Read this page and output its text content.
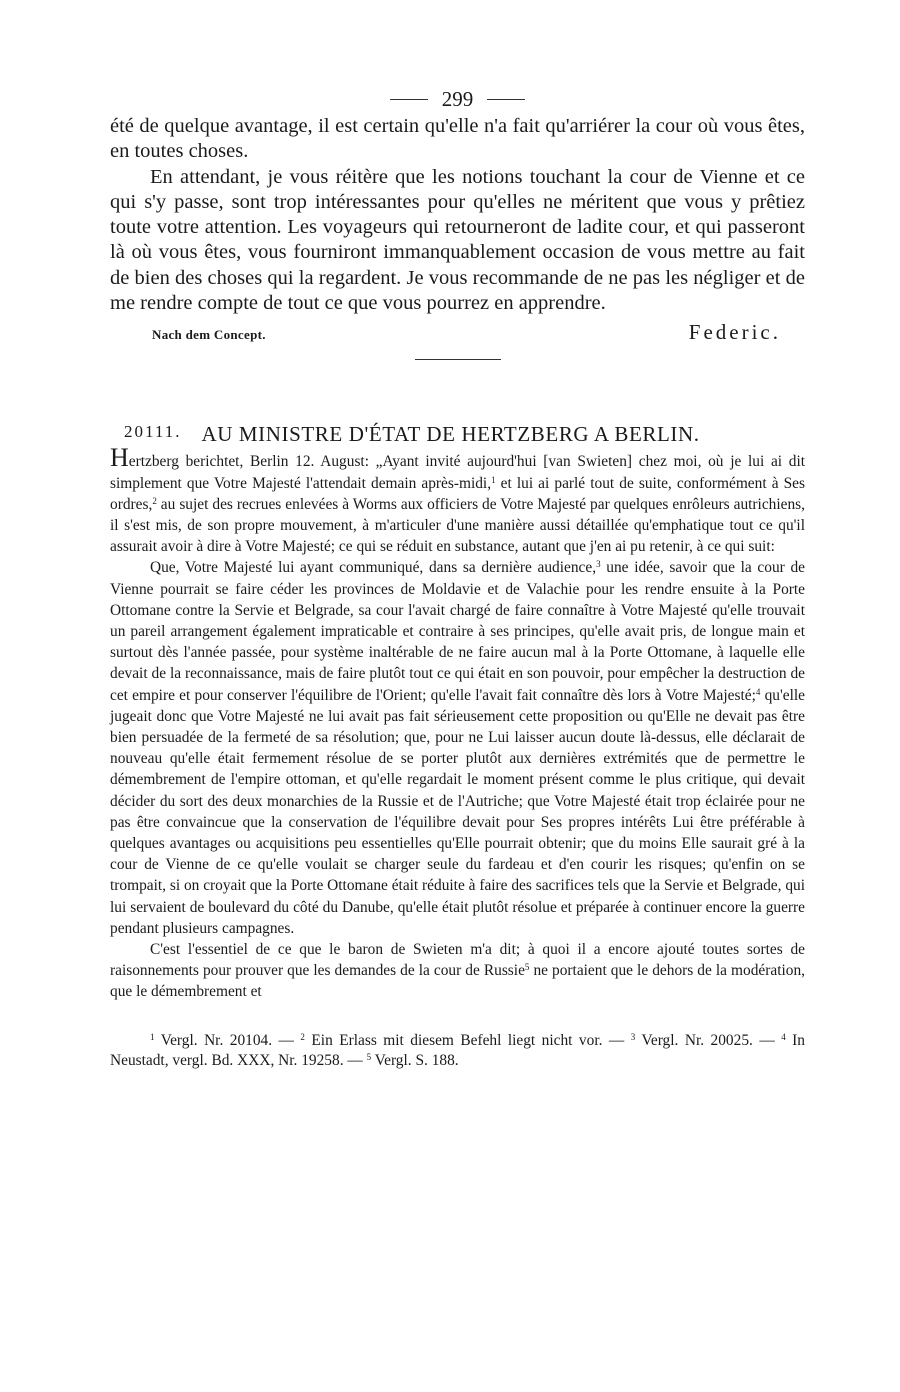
299

été de quelque avantage, il est certain qu'elle n'a fait qu'arriérer la cour où vous êtes, en toutes choses.

En attendant, je vous réitère que les notions touchant la cour de Vienne et ce qui s'y passe, sont trop intéressantes pour qu'elles ne méritent que vous y prêtiez toute votre attention. Les voyageurs qui retourneront de ladite cour, et qui passeront là où vous êtes, vous fourniront immanquablement occasion de vous mettre au fait de bien des choses qui la regardent. Je vous recommande de ne pas les négliger et de me rendre compte de tout ce que vous pourrez en apprendre.

Nach dem Concept.	Federic.
20111. AU MINISTRE D'ÉTAT DE HERTZBERG A BERLIN.

Hertzberg berichtet, Berlin 12. August: „Ayant invité aujourd'hui [van Swieten] chez moi, où je lui ai dit simplement que Votre Majesté l'attendait demain après-midi,$^1$ et lui ai parlé tout de suite, conformément à Ses ordres,$^2$ au sujet des recrues enlevées à Worms aux officiers de Votre Majesté par quelques enrôleurs autrichiens, il s'est mis, de son propre mouvement, à m'articuler d'une manière aussi détaillée qu'emphatique tout ce qu'il assurait avoir à dire à Votre Majesté; ce qui se réduit en substance, autant que j'en ai pu retenir, à ce qui suit:

Que, Votre Majesté lui ayant communiqué, dans sa dernière audience,$^3$ une idée, savoir que la cour de Vienne pourrait se faire céder les provinces de Moldavie et de Valachie pour les rendre ensuite à la Porte Ottomane contre la Servie et Belgrade, sa cour l'avait chargé de faire connaître à Votre Majesté qu'elle trouvait un pareil arrangement également impraticable et contraire à ses principes, qu'elle avait pris, de longue main et surtout dès l'année passée, pour système inaltérable de ne faire aucun mal à la Porte Ottomane, à laquelle elle devait de la reconnaissance, mais de faire plutôt tout ce qui était en son pouvoir, pour empêcher la destruction de cet empire et pour conserver l'équilibre de l'Orient; qu'elle l'avait fait connaître dès lors à Votre Majesté;$^4$ qu'elle jugeait donc que Votre Majesté ne lui avait pas fait sérieusement cette proposition ou qu'Elle ne devait pas être bien persuadée de la fermeté de sa résolution; que, pour ne Lui laisser aucun doute là-dessus, elle déclarait de nouveau qu'elle était fermement résolue de se porter plutôt aux dernières extrémités que de permettre le démembrement de l'empire ottoman, et qu'elle regardait le moment présent comme le plus critique, qui devait décider du sort des deux monarchies de la Russie et de l'Autriche; que Votre Majesté était trop éclairée pour ne pas être convaincue que la conservation de l'équilibre devait pour Ses propres intérêts Lui être préférable à quelques avantages ou acquisitions peu essentielles qu'Elle pourrait obtenir; que du moins Elle saurait gré à la cour de Vienne de ce qu'elle voulait se charger seule du fardeau et d'en courir les risques; qu'enfin on se trompait, si on croyait que la Porte Ottomane était réduite à faire des sacrifices tels que la Servie et Belgrade, qui lui servaient de boulevard du côté du Danube, qu'elle était plutôt résolue et préparée à continuer encore la guerre pendant plusieurs campagnes.

C'est l'essentiel de ce que le baron de Swieten m'a dit; à quoi il a encore ajouté toutes sortes de raisonnements pour prouver que les demandes de la cour de Russie$^5$ ne portaient que le dehors de la modération, que le démembrement et

$^1$ Vergl. Nr. 20104. — $^2$ Ein Erlass mit diesem Befehl liegt nicht vor. — $^3$ Vergl. Nr. 20025. — $^4$ In Neustadt, vergl. Bd. XXX, Nr. 19258. — $^5$ Vergl. S. 188.
